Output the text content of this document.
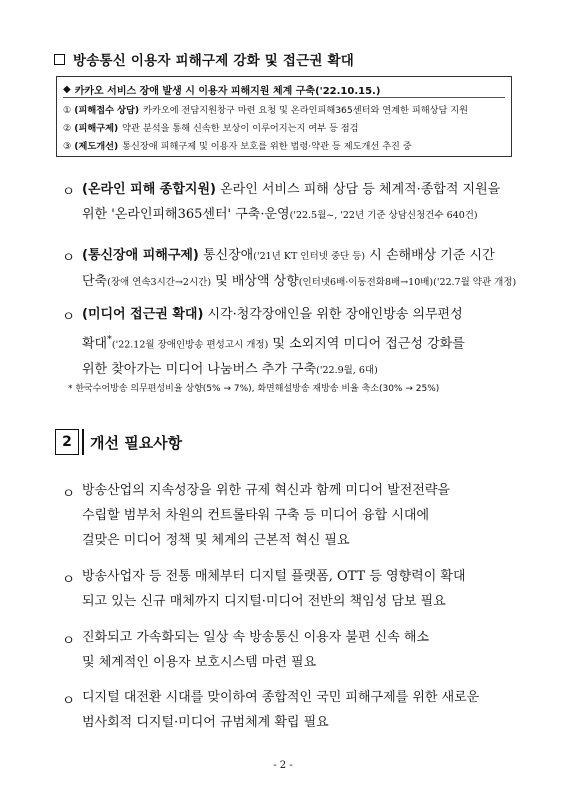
방송통신 이용자 피해구제 강화 및 접근권 확대
◆ 카카오 서비스 장애 발생 시 이용자 피해지원 체계 구축('22.10.15.)
① (피해접수 상담) 카카오에 전담지원창구 마련 요청 및 온라인피해365센터와 연계한 피해상담 지원
② (피해구제) 약관 분석을 통해 신속한 보상이 이루어지는지 여부 등 점검
③ (제도개선) 통신장애 피해구제 및 이용자 보호를 위한 법령·약관 등 제도개선 추진 중
ㅇ (온라인 피해 종합지원) 온라인 서비스 피해 상담 등 체계적·종합적 지원을
위한 '온라인피해365센터' 구축·운영('22.5월~, '22년 기준 상담신청건수 640건)
ㅇ (통신장애 피해구제) 통신장애('21년 KT 인터넷 중단 등) 시 손해배상 기준 시간
단축(장애 연속3시간→2시간) 및 배상액 상향(인터넷6배·이동전화8배→10배)('22.7월 약관 개정)
ㅇ (미디어 접근권 확대) 시각·청각장애인을 위한 장애인방송 의무편성
확대*('22.12월 장애인방송 편성고시 개정) 및 소외지역 미디어 접근성 강화를
위한 찾아가는 미디어 나눔버스 추가 구축('22.9월, 6대)
* 한국수어방송 의무편성비율 상향(5% → 7%), 화면해설방송 재방송 비율 축소(30% → 25%)
2	개선 필요사항
ㅇ 방송산업의 지속성장을 위한 규제 혁신과 함께 미디어 발전전략을
수립할 범부처 차원의 컨트롤타워 구축 등 미디어 융합 시대에
걸맞은 미디어 정책 및 체계의 근본적 혁신 필요
ㅇ 방송사업자 등 전통 매체부터 디지털 플랫폼, OTT 등 영향력이 확대
되고 있는 신규 매체까지 디지털·미디어 전반의 책임성 담보 필요
ㅇ 진화되고 가속화되는 일상 속 방송통신 이용자 불편 신속 해소
및 체계적인 이용자 보호시스템 마련 필요
ㅇ 디지털 대전환 시대를 맞이하여 종합적인 국민 피해구제를 위한 새로운
범사회적 디지털·미디어 규범체계 확립 필요
- 2 -
